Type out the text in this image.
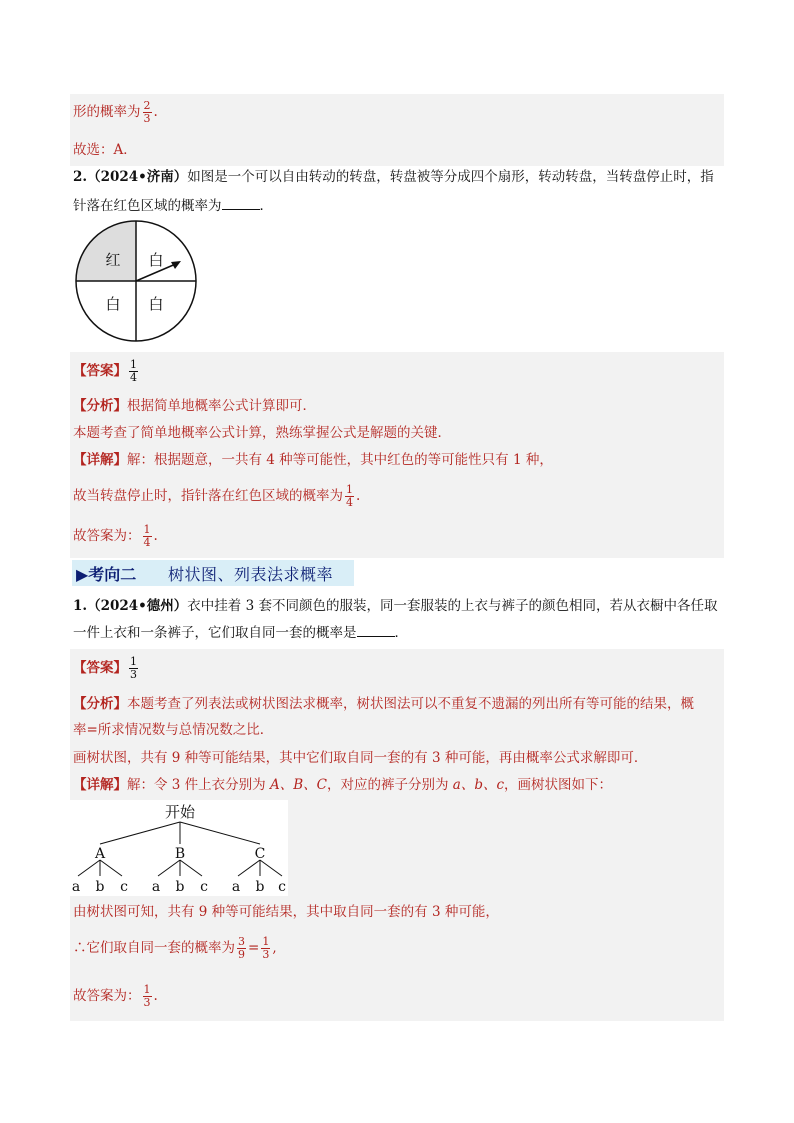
形的概率为 $\frac{2}{3}$ .
故选：A．
2.（2024•济南）如图是一个可以自由转动的转盘，转盘被等分成四个扇形，转动转盘，当转盘停止时，指
针落在红色区域的概率为	．
红 白
白 白
【答案】 $\frac{1}{4}$
【分析】根据简单地概率公式计算即可．
本题考查了简单地概率公式计算，熟练掌握公式是解题的关键．
【详解】解：根据题意，一共有 4 种等可能性，其中红色的等可能性只有 1 种，
故当转盘停止时，指针落在红色区域的概率为 $\frac{1}{4}$ .
故答案为： $\frac{1}{4}$ .
▶考向二 树状图、列表法求概率
1.（2024•德州）衣中挂着 3 套不同颜色的服装，同一套服装的上衣与裤子的颜色相同，若从衣橱中各任取
一件上衣和一条裤子，它们取自同一套的概率是	．
【答案】 $\frac{1}{3}$
【分析】本题考查了列表法或树状图法求概率，树状图法可以不重复不遗漏的列出所有等可能的结果，概
率=所求情况数与总情况数之比．
画树状图，共有 9 种等可能结果，其中它们取自同一套的有 3 种可能，再由概率公式求解即可．
【详解】解：令 3 件上衣分别为 A、B、C，对应的裤子分别为 a、b、c，画树状图如下：
开始
A	B	C
a b c a b c a b c
由树状图可知，共有 9 种等可能结果，其中取自同一套的有 3 种可能，
∴它们取自同一套的概率为 $\frac{3}{9} = \frac{1}{3}$ ,
故答案为： $\frac{1}{3}$ .
